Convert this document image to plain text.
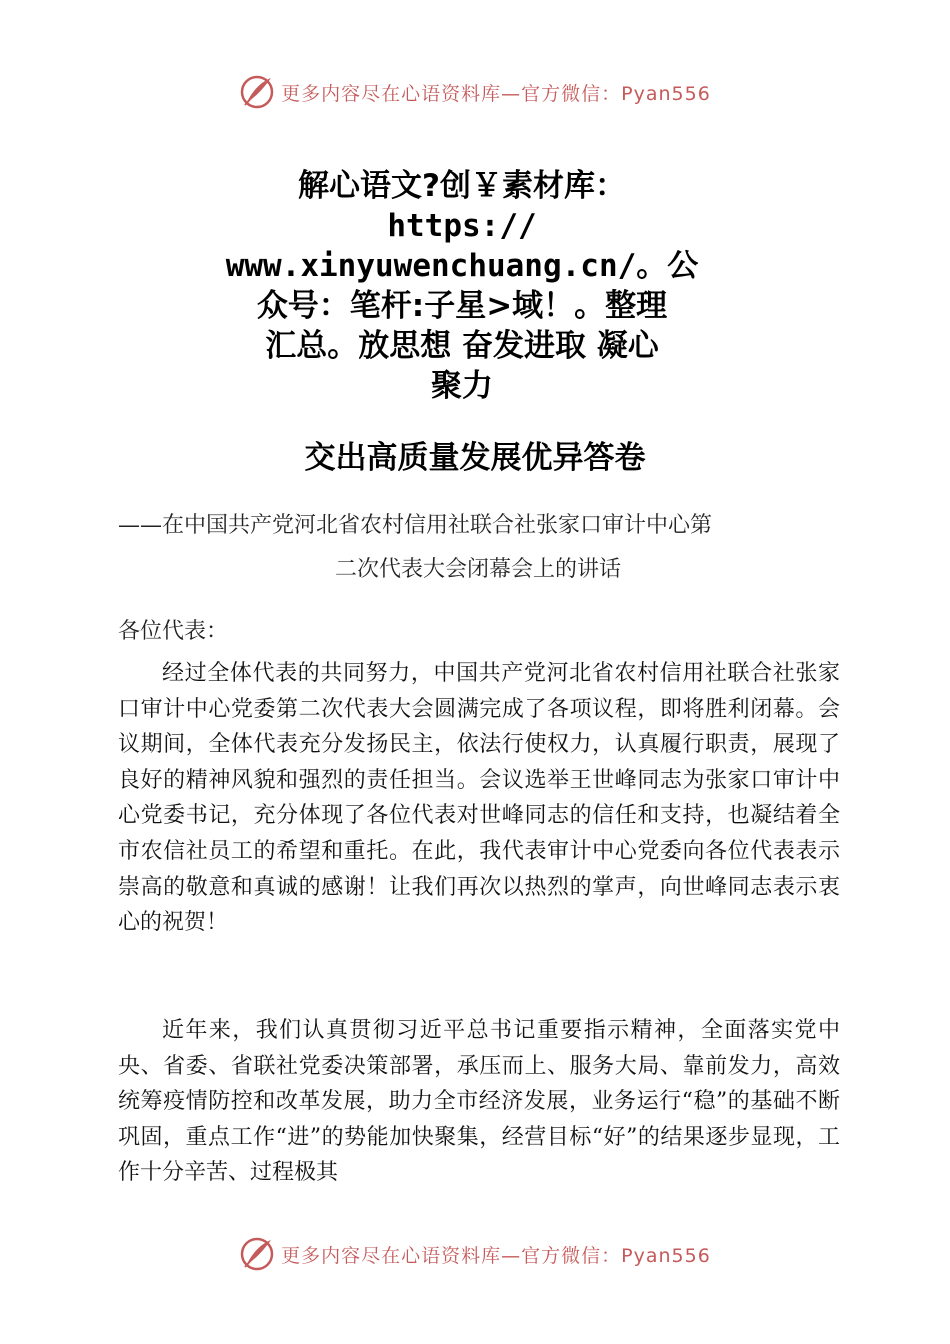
更多内容尽在心语资料库—官方微信：Pyan556
解心语文?创￥素材库：
https://
www.xinyuwenchuang.cn/。公
众号：笔杆:子星>域！。整理
汇总。放思想 奋发进取 凝心
聚力
交出高质量发展优异答卷
——在中国共产党河北省农村信用社联合社张家口审计中心第
二次代表大会闭幕会上的讲话
各位代表：
经过全体代表的共同努力，中国共产党河北省农村信用社联合社张家口审计中心党委第二次代表大会圆满完成了各项议程，即将胜利闭幕。会议期间，全体代表充分发扬民主，依法行使权力，认真履行职责，展现了良好的精神风貌和强烈的责任担当。会议选举王世峰同志为张家口审计中心党委书记，充分体现了各位代表对世峰同志的信任和支持，也凝结着全市农信社员工的希望和重托。在此，我代表审计中心党委向各位代表表示崇高的敬意和真诚的感谢！让我们再次以热烈的掌声，向世峰同志表示衷心的祝贺！
近年来，我们认真贯彻习近平总书记重要指示精神，全面落实党中央、省委、省联社党委决策部署，承压而上、服务大局、靠前发力，高效统筹疫情防控和改革发展，助力全市经济发展，业务运行“稳”的基础不断巩固，重点工作“进”的势能加快聚集，经营目标“好”的结果逐步显现，工作十分辛苦、过程极其
更多内容尽在心语资料库—官方微信：Pyan556
